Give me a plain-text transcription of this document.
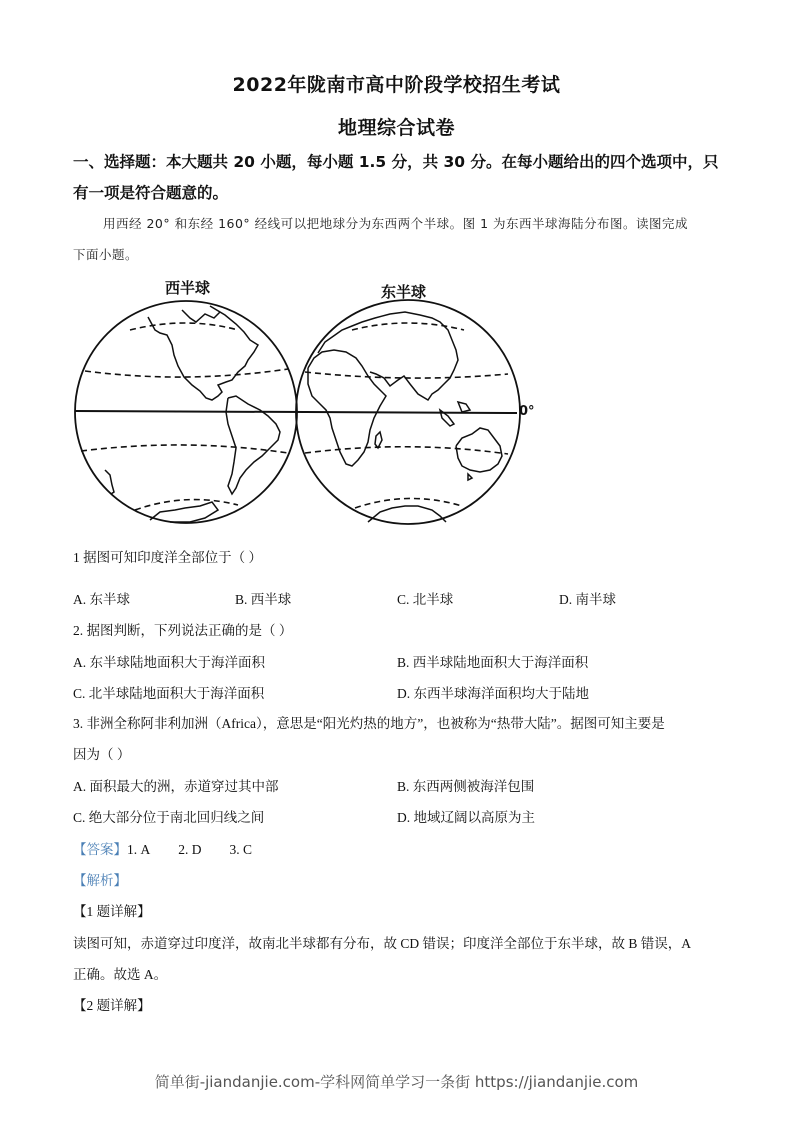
2022年陇南市高中阶段学校招生考试
地理综合试卷
一、选择题：本大题共 20 小题，每小题 1.5 分，共 30 分。在每小题给出的四个选项中，只
有一项是符合题意的。
用西经 20° 和东经 160° 经线可以把地球分为东西两个半球。图 1 为东西半球海陆分布图。读图完成
下面小题。
西半球	东半球
0°
1 据图可知印度洋全部位于（ ）
A. 东半球	B. 西半球	C. 北半球	D. 南半球
2. 据图判断，下列说法正确的是（ ）
A. 东半球陆地面积大于海洋面积	B. 西半球陆地面积大于海洋面积
C. 北半球陆地面积大于海洋面积	D. 东西半球海洋面积均大于陆地
3. 非洲全称阿非利加洲（Africa），意思是“阳光灼热的地方”，也被称为“热带大陆”。据图可知主要是
因为（ ）
A. 面积最大的洲，赤道穿过其中部	B. 东西两侧被海洋包围
C. 绝大部分位于南北回归线之间	D. 地域辽阔以高原为主
【答案】1. A 2. D 3. C
【解析】
【1 题详解】
读图可知，赤道穿过印度洋，故南北半球都有分布，故 CD 错误；印度洋全部位于东半球，故 B 错误，A
正确。故选 A。
【2 题详解】
简单街-jiandanjie.com-学科网简单学习一条街 https://jiandanjie.com
